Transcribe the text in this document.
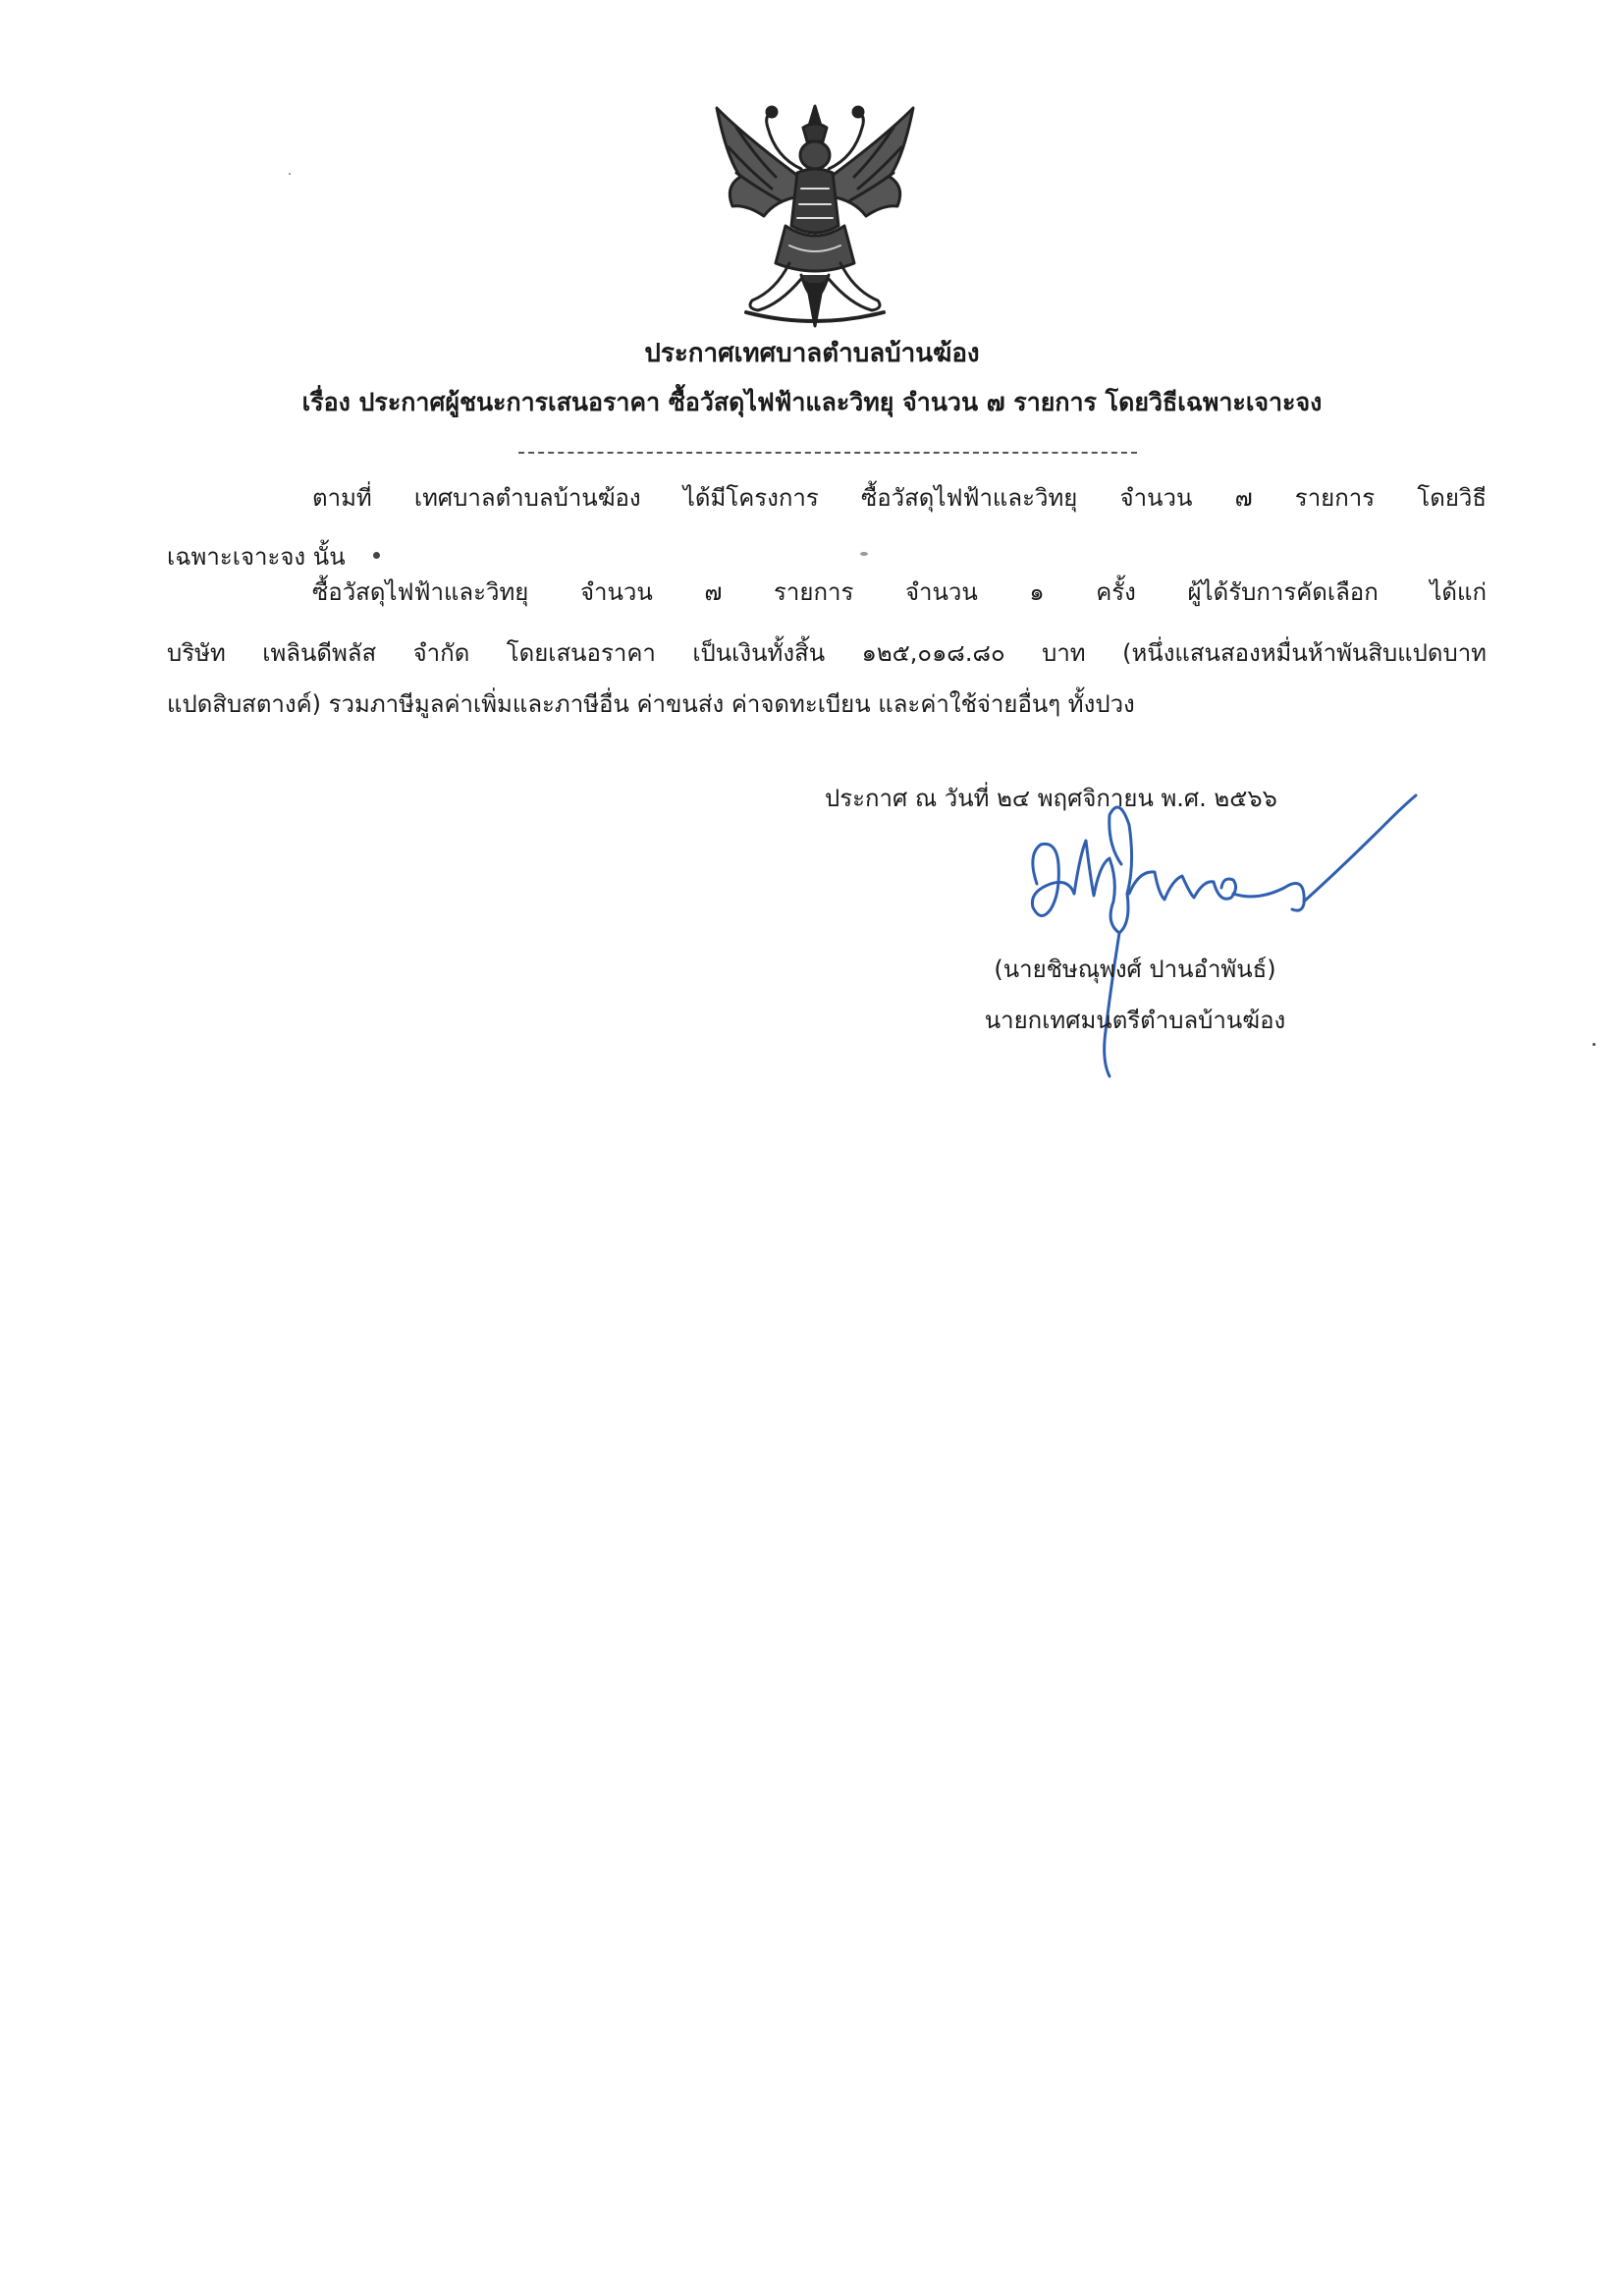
ประกาศเทศบาลตำบลบ้านฆ้อง
เรื่อง ประกาศผู้ชนะการเสนอราคา ซื้อวัสดุไฟฟ้าและวิทยุ จำนวน ๗ รายการ โดยวิธีเฉพาะเจาะจง
ตามที่ เทศบาลตำบลบ้านฆ้อง ได้มีโครงการ ซื้อวัสดุไฟฟ้าและวิทยุ จำนวน ๗ รายการ โดยวิธี
เฉพาะเจาะจง นั้น
ซื้อวัสดุไฟฟ้าและวิทยุ จำนวน ๗ รายการ จำนวน ๑ ครั้ง ผู้ได้รับการคัดเลือก ได้แก่
บริษัท เพลินดีพลัส จำกัด โดยเสนอราคา เป็นเงินทั้งสิ้น ๑๒๕,๐๑๘.๘๐ บาท (หนึ่งแสนสองหมื่นห้าพันสิบแปดบาท
แปดสิบสตางค์) รวมภาษีมูลค่าเพิ่มและภาษีอื่น ค่าขนส่ง ค่าจดทะเบียน และค่าใช้จ่ายอื่นๆ ทั้งปวง
ประกาศ ณ วันที่ ๒๔ พฤศจิกายน พ.ศ. ๒๕๖๖
(นายชิษณุพงศ์ ปานอำพันธ์)
นายกเทศมนตรีตำบลบ้านฆ้อง
